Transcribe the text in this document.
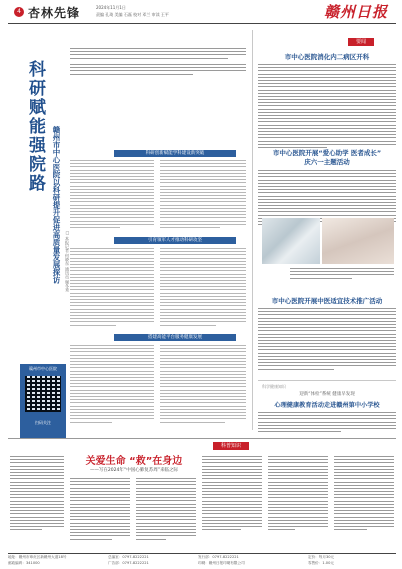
4 杏林先锋	2024年11月1日
责编 孔琦 美编 石磊 校对 邓兰 审读 王平	赣州日报
科研赋能强院路 赣州市中心医院以科研提升促进高质量发展探访 □ 本报记者 何晓东 通讯员 谢冬秀
赣州市中心医院
扫码关注
科研创新赋能学科建设新突破
引育领军人才推动科研攻坚
搭建高能平台服务健康发展
要闻
市中心医院消化内二病区开科
市中心医院开展“爱心助学 医者成长”
庆六一主题活动
市中心医院开展中医适宜技术推广活动
科学健康知识
迎新“体检”系统 健康早发现
心理健康教育活动走进赣州第中小学校
科普知识
关爱生命 “救”在身边
——写在2024年“中国心肺复苏周”来临之际
地址：赣州市章贡区新赣州大道18号
邮政编码：341000
总编室：0797-8222221
广告部：0797-8222221
发行部：0797-8222221
印刷：赣州日报印刷有限公司
定价：每月30元
零售价：1.00元
